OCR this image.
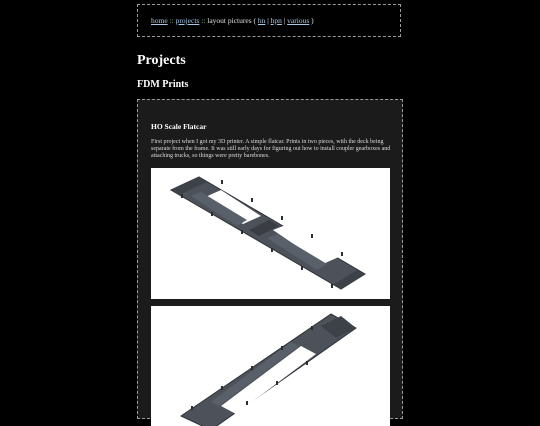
home :: projects :: layout pictures ( hn | hpn | various )
Projects
FDM Prints
HO Scale Flatcar

First project when I got my 3D printer. A simple flatcar. Prints in two pieces, with the deck being separate from the frame. It was still early days for figuring out how to install coupler gearboxes and attaching trucks, so things were pretty barebones.
